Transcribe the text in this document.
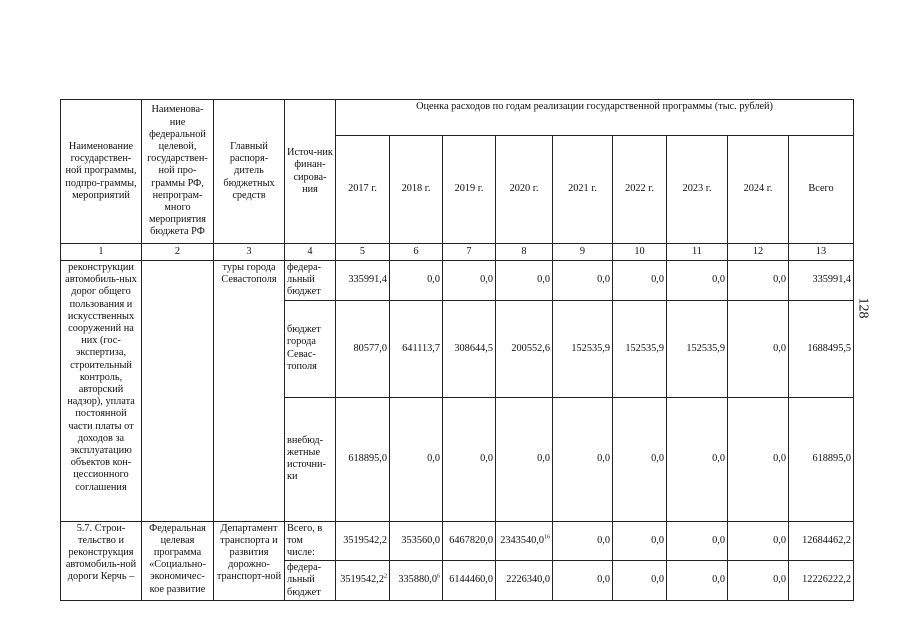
128
Наименование государствен-ной программы, подпро-граммы, мероприятий	Наименова-ние федеральной целевой, государствен-ной про-граммы РФ, непрограм-много мероприятия бюджета РФ	Главный распоря-дитель бюджетных средств	Источ-ник финан-сирова-ния	Оценка расходов по годам реализации государственной программы (тыс. рублей)								
				2017 г.	2018 г.	2019 г.	2020 г.	2021 г.	2022 г.	2023 г.	2024 г.	Всего
1	2	3	4	5	6	7	8	9	10	11	12	13
реконструкции автомобиль-ных дорог общего пользования и искусственных сооружений на них (гос-экспертиза, строительный контроль, авторский надзор), уплата постоянной части платы от доходов за эксплуатацию объектов кон-цессионного соглашения		туры города Севастополя	федера-льный бюджет	335991,4	0,0	0,0	0,0	0,0	0,0	0,0	0,0	335991,4
			бюджет города Севас-тополя	80577,0	641113,7	308644,5	200552,6	152535,9	152535,9	152535,9	0,0	1688495,5
			внебюд-жетные источни-ки	618895,0	0,0	0,0	0,0	0,0	0,0	0,0	0,0	618895,0
5.7. Строи-тельство и реконструкция автомобиль-ной дороги Керчь –	Федеральная целевая программа «Социально-экономичес-кое развитие	Департамент транспорта и развития дорожно-транспорт-ной	Всего, в том числе:	3519542,2	353560,0	6467820,0	2343540,0$^{16}$	0,0	0,0	0,0	0,0	12684462,2
			федера-льный бюджет	3519542,2$^2$	335880,0$^6$	6144460,0	2226340,0	0,0	0,0	0,0	0,0	12226222,2
